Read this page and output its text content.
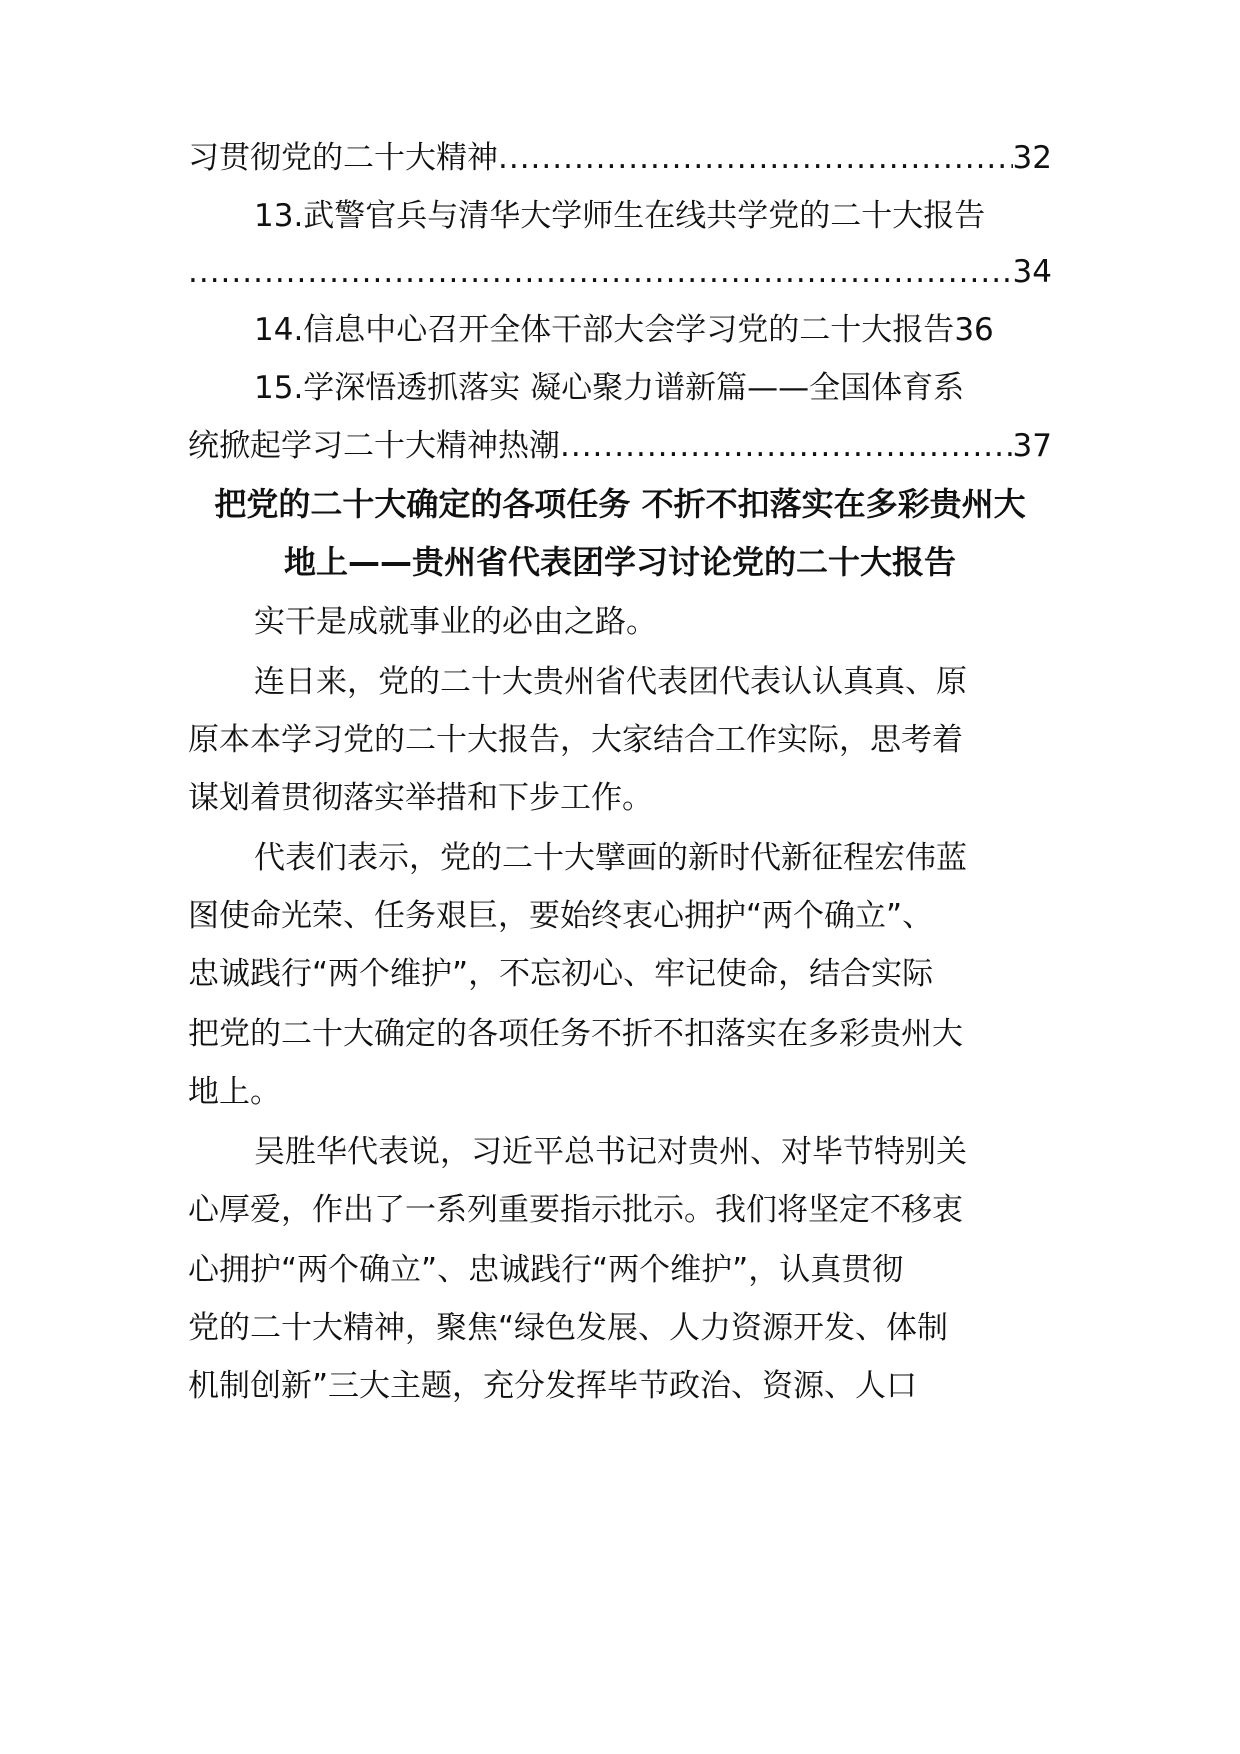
习贯彻党的二十大精神 .....	32
13.武警官兵与清华大学师生在线共学党的二十大报告
.....
34
14.信息中心召开全体干部大会学习党的二十大报告 36
15.学深悟透抓落实 凝心聚力谱新篇——全国体育系
统掀起学习二十大精神热潮 .....	37
把党的二十大确定的各项任务 不折不扣落实在多彩贵州大
地上——贵州省代表团学习讨论党的二十大报告
实干是成就事业的必由之路。
连日来，党的二十大贵州省代表团代表认认真真、原
原本本学习党的二十大报告，大家结合工作实际，思考着
谋划着贯彻落实举措和下步工作。
代表们表示，党的二十大擘画的新时代新征程宏伟蓝
图使命光荣、任务艰巨，要始终衷心拥护“两个确立”、
忠诚践行“两个维护”，不忘初心、牢记使命，结合实际
把党的二十大确定的各项任务不折不扣落实在多彩贵州大
地上。
吴胜华代表说，习近平总书记对贵州、对毕节特别关
心厚爱，作出了一系列重要指示批示。我们将坚定不移衷
心拥护“两个确立”、忠诚践行“两个维护”，认真贯彻
党的二十大精神，聚焦“绿色发展、人力资源开发、体制
机制创新”三大主题，充分发挥毕节政治、资源、人口
